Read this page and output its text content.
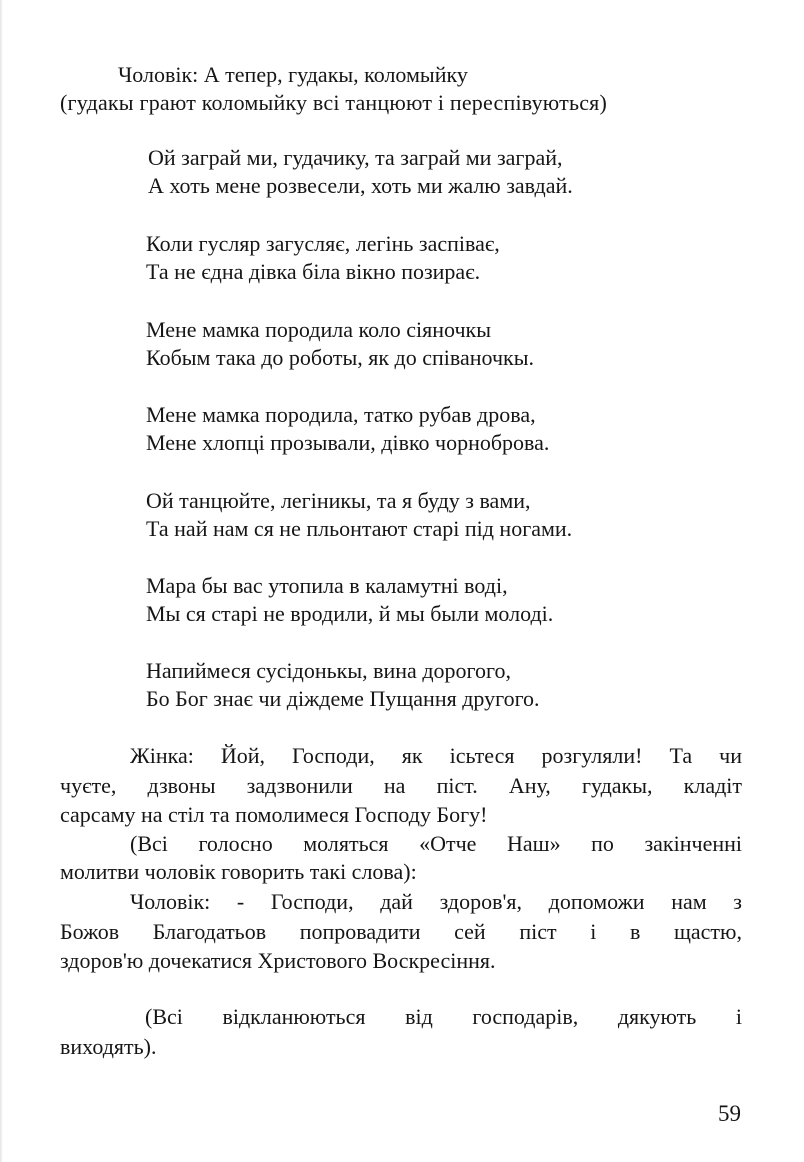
Чоловік: А тепер, гудакы, коломыйку
(гудакы грают коломыйку всі танцюют і переспівуються)
Ой заграй ми, гудачику, та заграй ми заграй,
А хоть мене розвесели, хоть ми жалю завдай.
Коли гусляр загусляє, легінь заспіває,
Та не єдна дівка біла вікно позирає.
Мене мамка породила коло сіяночкы
Кобым така до роботы, як до співаночкы.
Мене мамка породила, татко рубав дрова,
Мене хлопці прозывали, дівко чорноброва.
Ой танцюйте, легіникы, та я буду з вами,
Та най нам ся не пльонтают старі під ногами.
Мара бы вас утопила в каламутні воді,
Мы ся старі не вродили, й мы были молоді.
Напиймеся сусідонькы, вина дорогого,
Бо Бог знає чи діждеме Пущання другого.
Жінка: Йой, Господи, як ісьтеся розгуляли! Та чи
чуєте, дзвоны задзвонили на піст. Ану, гудакы, кладіт
сарсаму на стіл та помолимеся Господу Богу!
(Всі голосно моляться «Отче Наш» по закінченні
молитви чоловік говорить такі слова):
Чоловік: - Господи, дай здоров'я, допоможи нам з
Божов Благодатьов попровадити сей піст і в щастю,
здоров'ю дочекатися Христового Воскресіння.
(Всі відкланюються від господарів, дякують і
виходять).
59
